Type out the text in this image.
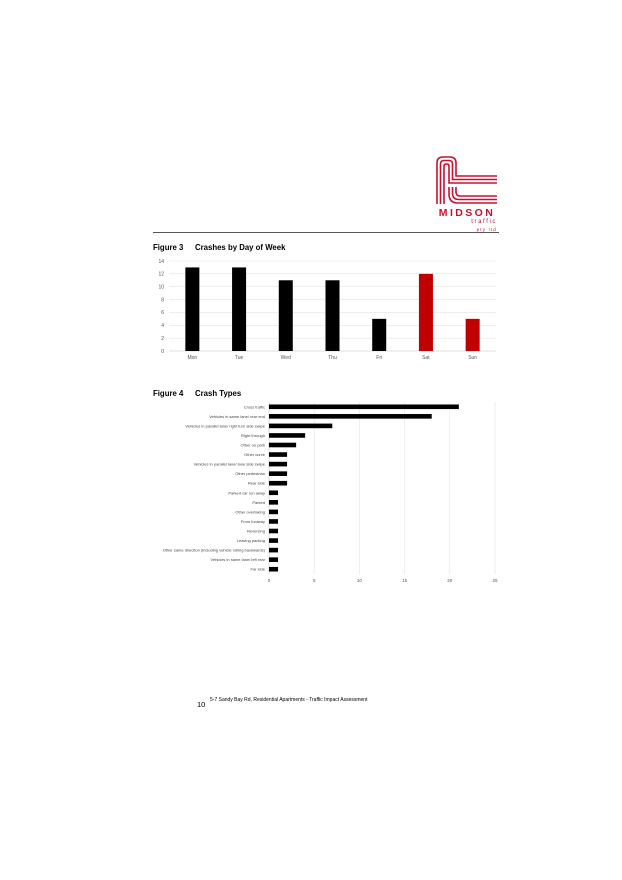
MIDSON
traffic
pty ltd
Figure 3 Crashes by Day of Week
0
2
4
6
8
10
12
14
Mon	Tue	Wed	Thu	Fri	Sat	Sun
Figure 4 Crash Types
0	5	10	15	20	25
Cross traffic
Vehicles in same lane/ rear end
Vehicles in parallel lane/ right turn side swipe
Right through
Other on path
Other curve
Vehicles in parallel lane/ lane side swipe
Other pedestrian
Rear side
Parked car run away
Parked
Other overtaking
From footway
Reversing
Leaving parking
Other same direction (including vehicle rolling backwards)
Vehicles in same lane/ left rear
Far side
10 5-7 Sandy Bay Rd, Residential Apartments - Traffic Impact Assessment
